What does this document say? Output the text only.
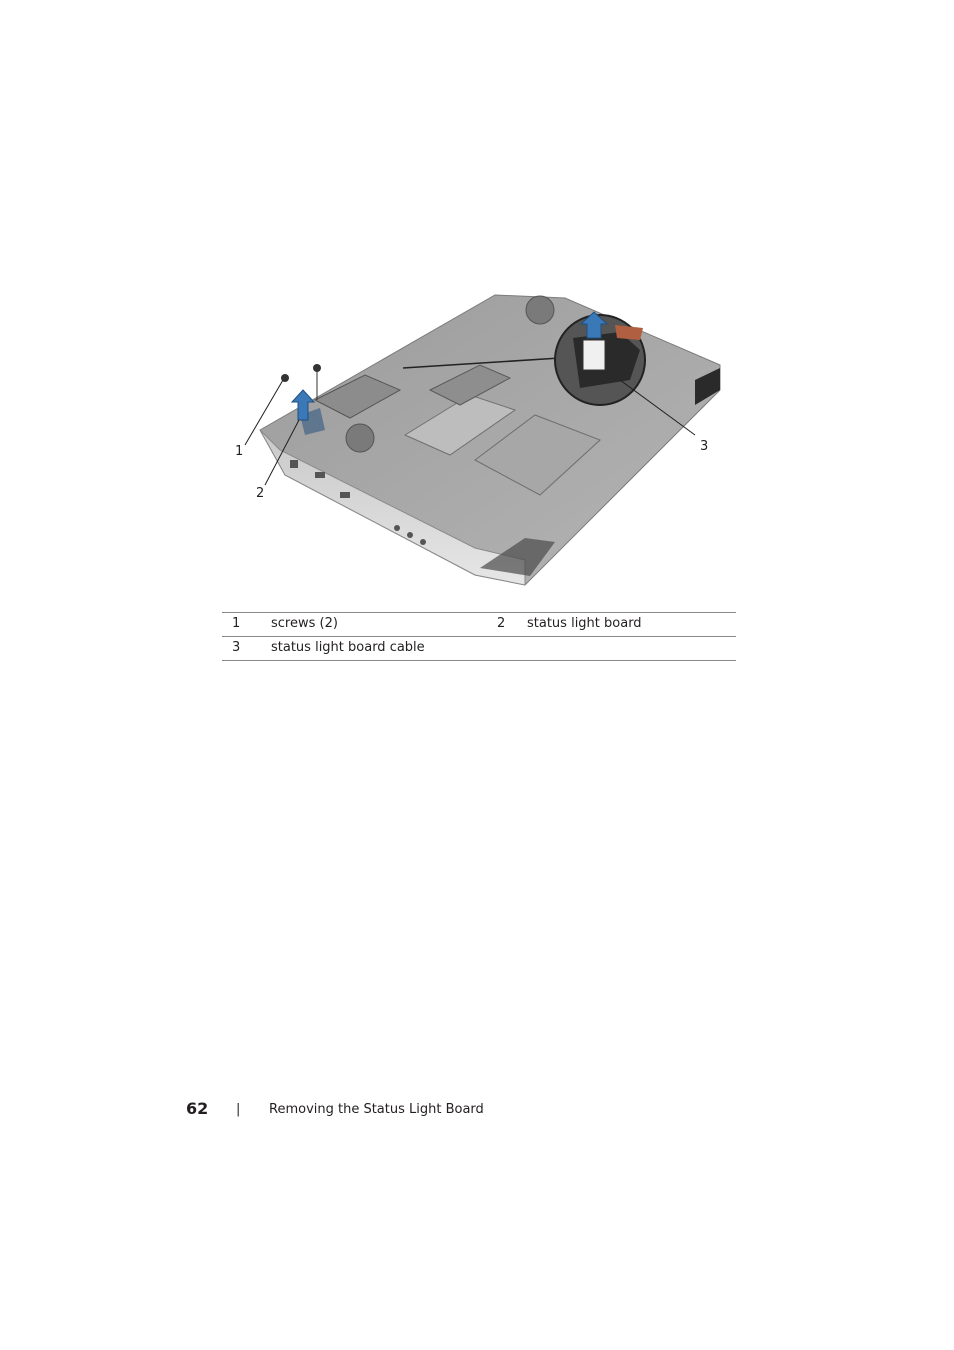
1
2
3
1	screws (2)	2	status light board
3	status light board cable		
62 | Removing the Status Light Board
